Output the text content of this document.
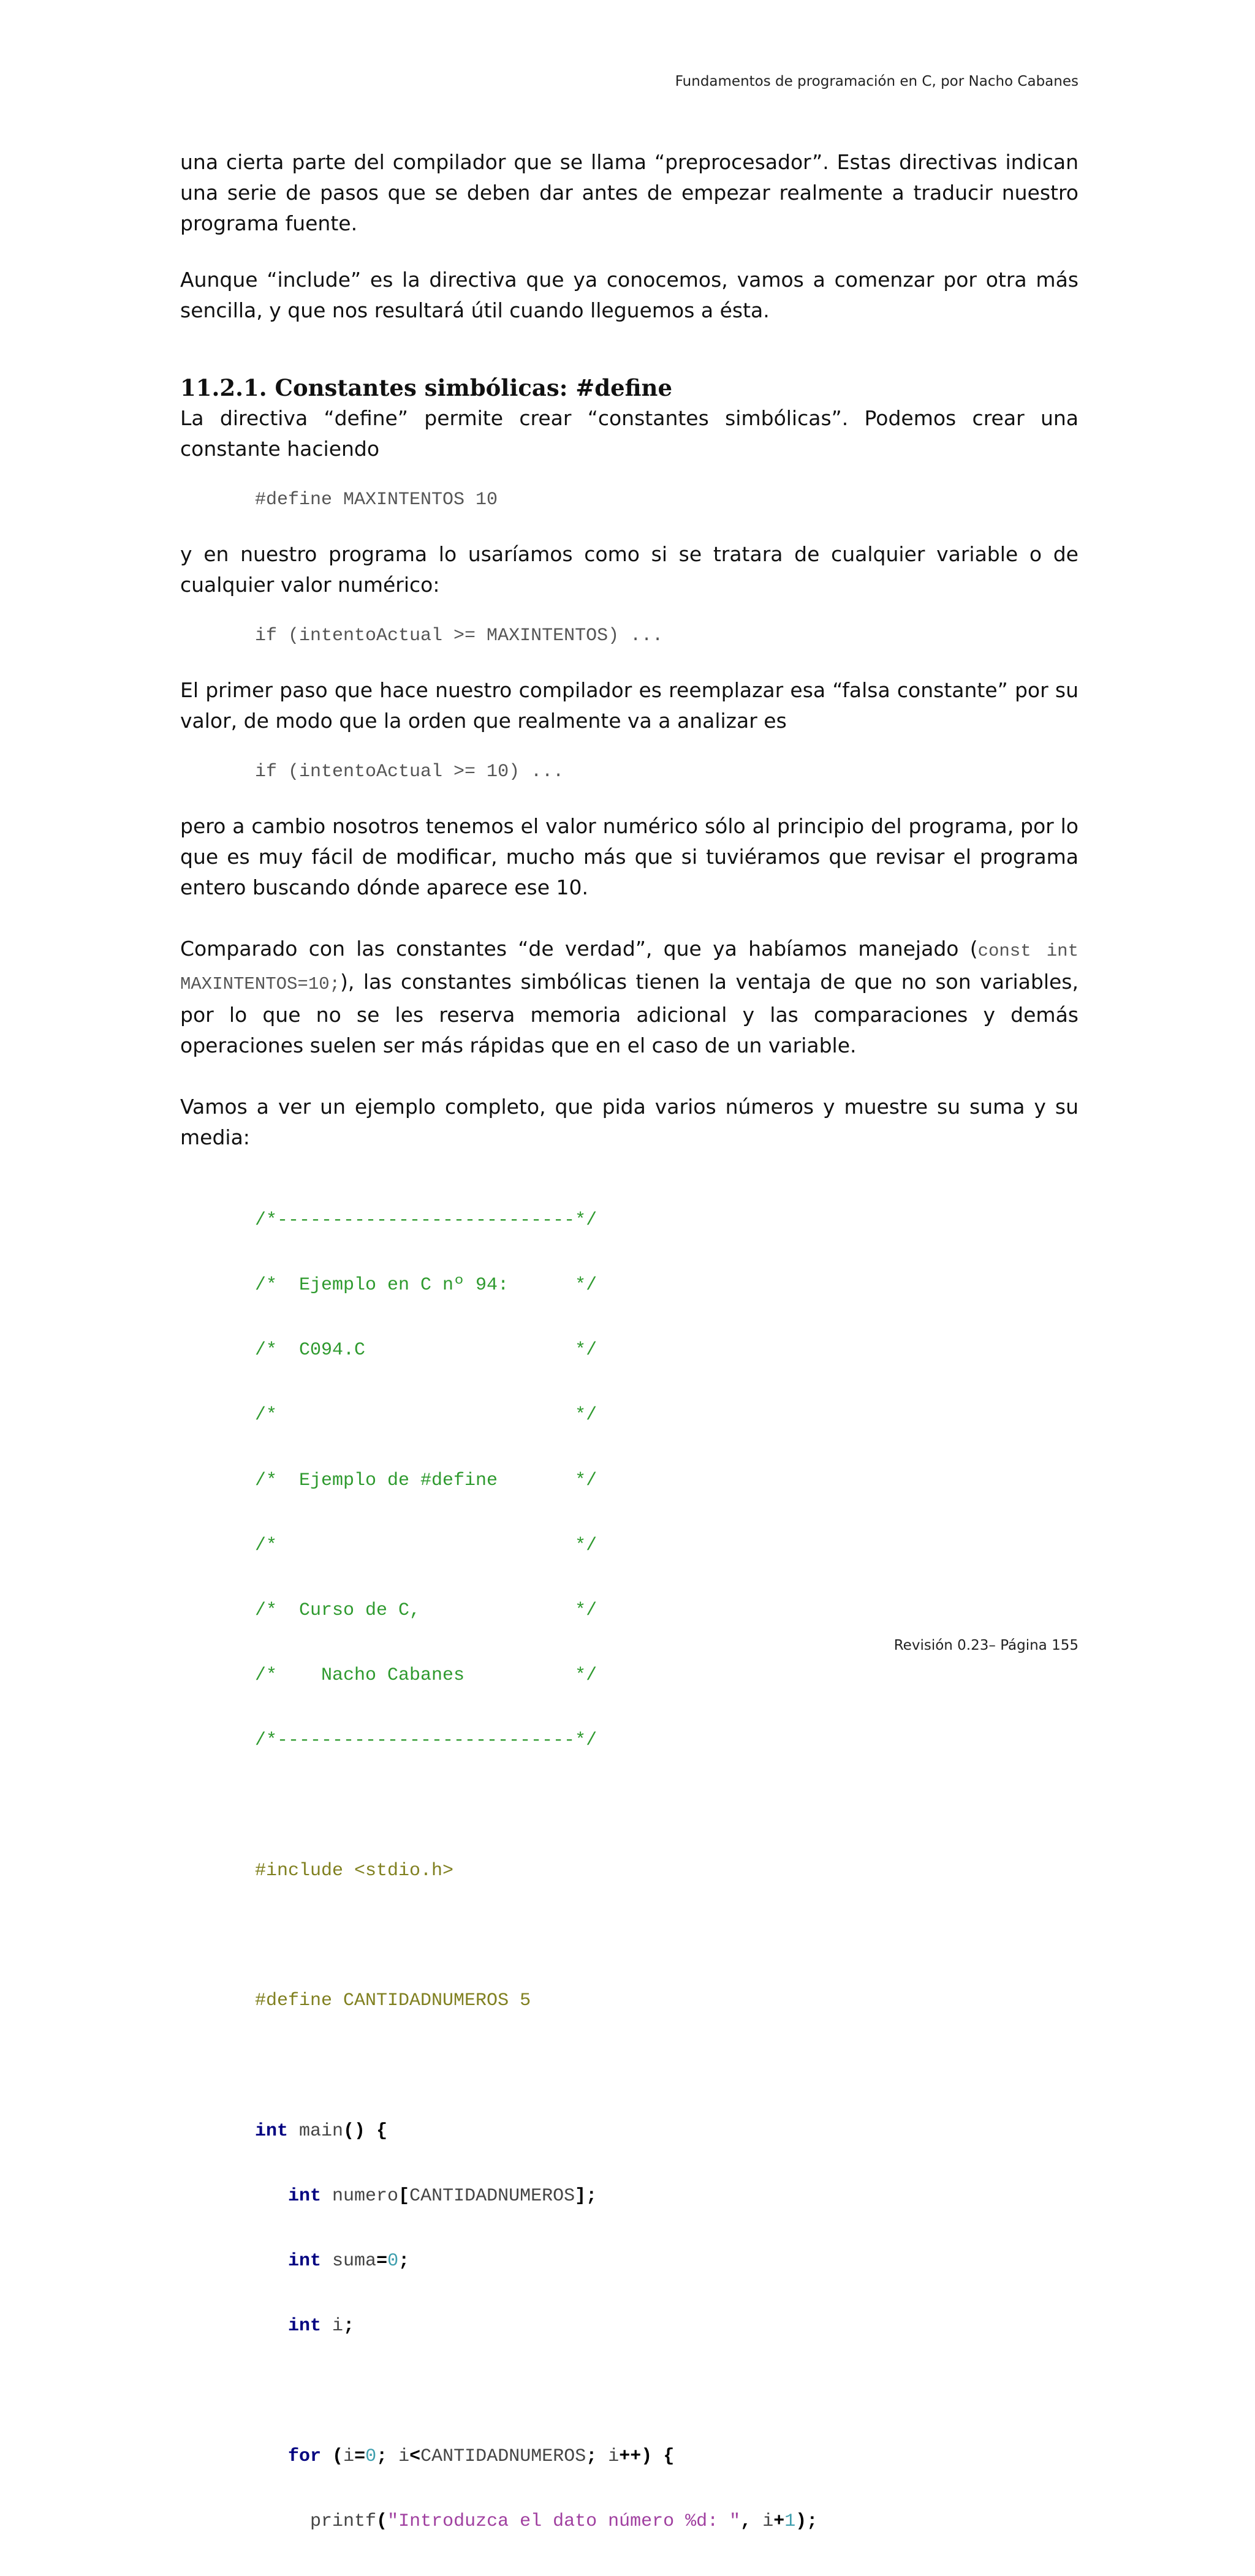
Fundamentos de programación en C, por Nacho Cabanes

una cierta parte del compilador que se llama “preprocesador”. Estas directivas indican una serie de pasos que se deben dar antes de empezar realmente a traducir nuestro programa fuente.

Aunque “include” es la directiva que ya conocemos, vamos a comenzar por otra más sencilla, y que nos resultará útil cuando lleguemos a ésta.

11.2.1. Constantes simbólicas: #define

La directiva “define” permite crear “constantes simbólicas”. Podemos crear una constante haciendo

#define MAXINTENTOS 10

y en nuestro programa lo usaríamos como si se tratara de cualquier variable o de cualquier valor numérico:

if (intentoActual >= MAXINTENTOS) ...

El primer paso que hace nuestro compilador es reemplazar esa “falsa constante” por su valor, de modo que la orden que realmente va a analizar es

if (intentoActual >= 10) ...

pero a cambio nosotros tenemos el valor numérico sólo al principio del programa, por lo que es muy fácil de modificar, mucho más que si tuviéramos que revisar el programa entero buscando dónde aparece ese 10.

Comparado con las constantes “de verdad”, que ya habíamos manejado (const int MAXINTENTOS=10;), las constantes simbólicas tienen la ventaja de que no son variables, por lo que no se les reserva memoria adicional y las comparaciones y demás operaciones suelen ser más rápidas que en el caso de un variable.

Vamos a ver un ejemplo completo, que pida varios números y muestre su suma y su media:

/*---------------------------*/

/*  Ejemplo en C nº 94:      */

/*  C094.C                   */

/*                           */

/*  Ejemplo de #define       */

/*                           */

/*  Curso de C,              */

/*    Nacho Cabanes          */

/*---------------------------*/

#include <stdio.h>

#define CANTIDADNUMEROS 5

int main() {

int numero[CANTIDADNUMEROS];

int suma=0;

int i;

for (i=0; i<CANTIDADNUMEROS; i++) {

printf("Introduzca el dato número %d: ", i+1);

Revisión 0.23– Página 155
